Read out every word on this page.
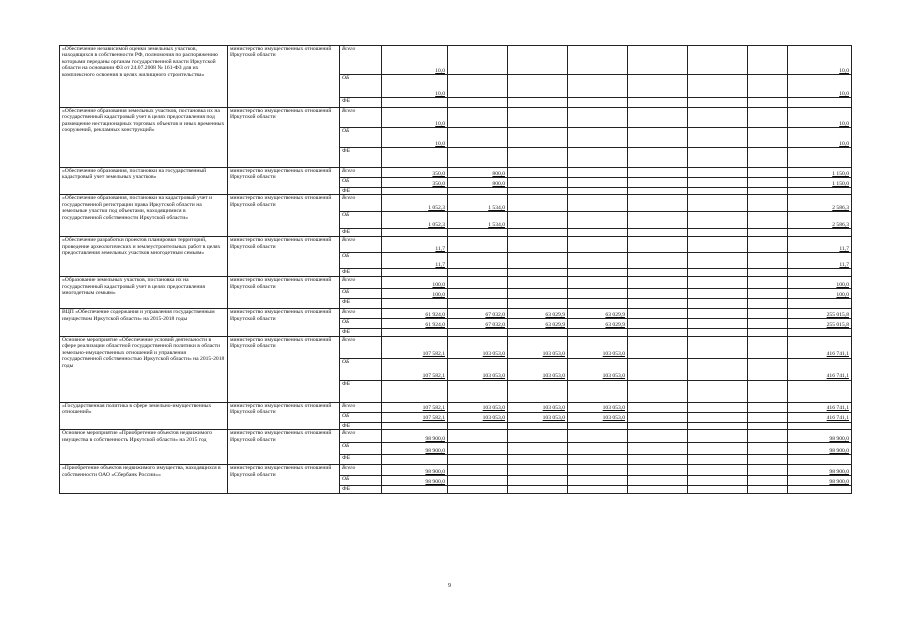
«Обеспечение независимой оценки земельных участков, находящихся в собственности РФ, полномочия по распоряжению которыми переданы органам государственной власти Иркутской области на основании ФЗ от 24.07.2008 № 161-ФЗ для их комплексного освоения в целях жилищного строительства»	министерство имущественных отношений Иркутской области	Всего	10,0							10,0
		ОБ	10,0							10,0
		ФБ								
«Обеспечение образования земельных участков, постановка их на государственный кадастровый учет в целях предоставления под размещение нестационарных торговых объектов и иных временных сооружений, рекламных конструкций»	министерство имущественных отношений Иркутской области	Всего	10,0							10,0
		ОБ	10,0							10,0
		ФБ								
«Обеспечение образования, постановки на государственный кадастровый учет земельных участков»	министерство имущественных отношений Иркутской области	Всего	350,0	800,0						1 150,0
		ОБ	350,0	800,0						1 150,0
		ФБ								
«Обеспечение образования, постановки на кадастровый учет и государственной регистрации права Иркутской области на земельные участки под объектами, находящимися в государственной собственности Иркутской области»	министерство имущественных отношений Иркутской области	Всего	1 052,3	1 534,0						2 586,3
		ОБ	1 052,3	1 534,0						2 586,3
		ФБ								
«Обеспечение разработки проектов планировки территорий, проведение археологических и землеустроительных работ в целях предоставления земельных участков многодетным семьям»	министерство имущественных отношений Иркутской области	Всего	11,7							11,7
		ОБ	11,7							11,7
		ФБ								
«Образование земельных участков, постановка их на государственный кадастровый учет в целях предоставления многодетным семьям»	министерство имущественных отношений Иркутской области	Всего	100,0							100,0
		ОБ	100,0							100,0
		ФБ								
ВЦП «Обеспечение содержания и управления государственным имуществом Иркутской области» на 2015-2018 годы	министерство имущественных отношений Иркутской области	Всего	61 924,0	67 032,0	63 029,9	63 029,9				255 015,8
		ОБ	61 924,0	67 032,0	63 029,9	63 029,9				255 015,8
		ФБ								
Основное мероприятие «Обеспечение условий деятельности в сфере реализации областной государственной политики в области земельно-имущественных отношений и управления государственной собственностью Иркутской области» на 2015-2018 годы	министерство имущественных отношений Иркутской области	Всего	107 582,1	103 053,0	103 053,0	103 053,0				416 741,1
		ОБ	107 582,1	103 053,0	103 053,0	103 053,0				416 741,1
		ФБ								
«Государственная политика в сфере земельно-имущественных отношений»	министерство имущественных отношений Иркутской области	Всего	107 582,1	103 053,0	103 053,0	103 053,0				416 741,1
		ОБ	107 582,1	103 053,0	103 053,0	103 053,0				416 741,1
		ФБ								
Основное мероприятие «Приобретение объектов недвижимого имущества в собственность Иркутской области» на 2015 год	министерство имущественных отношений Иркутской области	Всего	98 900,0							98 900,0
		ОБ	98 900,0							98 900,0
		ФБ								
«Приобретение объектов недвижимого имущества, находящихся в собственности ОАО «Сбербанк России»»	министерство имущественных отношений Иркутской области	Всего	98 900,0							98 900,0
		ОБ	98 900,0							98 900,0
		ФБ								
9
